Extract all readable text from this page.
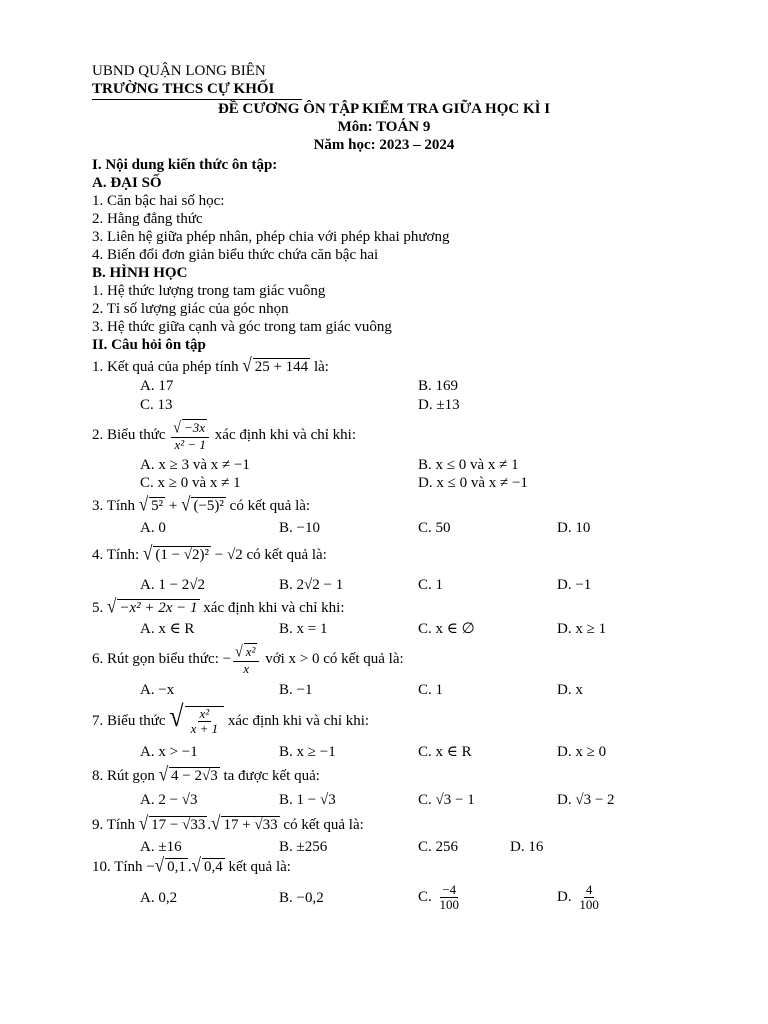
UBND QUẬN LONG BIÊN
TRƯỜNG THCS CỰ KHỐI
ĐỀ CƯƠNG ÔN TẬP KIỂM TRA GIỮA HỌC KÌ I
Môn: TOÁN 9
Năm học: 2023 – 2024
I. Nội dung kiến thức ôn tập:
A. ĐẠI SỐ
1. Căn bậc hai số học:
2. Hằng đẳng thức
3. Liên hệ giữa phép nhân, phép chia với phép khai phương
4. Biến đổi đơn giản biểu thức chứa căn bậc hai
B. HÌNH HỌC
1. Hệ thức lượng trong tam giác vuông
2. Tỉ số lượng giác của góc nhọn
3. Hệ thức giữa cạnh và góc trong tam giác vuông
II. Câu hỏi ôn tập
1. Kết quả của phép tính √ 25 + 144 là:
A. 17	B. 169
C. 13	D. ±13
2. Biểu thức $\frac{√ -3x}{\text{x² − 1}}$ xác định khi và chỉ khi:
A. x ≥ 3 và x ≠ −1	B. x ≤ 0 và x ≠ 1
C. x ≥ 0 và x ≠ 1	D. x ≤ 0 và x ≠ −1
3. Tính √ 5² + √ (−5)² có kết quả là:
A. 0	B. −10	C. 50	D. 10
4. Tính: √ (1 − √2)² − √2 có kết quả là:
A. 1 − 2√2	B. 2√2 − 1	C. 1	D. −1
5. √ −x² + 2x − 1 xác định khi và chỉ khi:
A. x ∈ R	B. x = 1	C. x ∈ ∅	D. x ≥ 1
6. Rút gọn biểu thức: − $\frac{\text{√ x²}}{x}$ với x > 0 có kết quả là:
A. −x	B. −1	C. 1	D. x
7. Biểu thức √ $\frac{\text{x²}}{x + 1}$ xác định khi và chỉ khi:
A. x > −1	B. x ≥ −1	C. x ∈ R	D. x ≥ 0
8. Rút gọn √ 4 − 2√3 ta được kết quả:
A. 2 − √3	B. 1 − √3	C. √3 − 1	D. √3 − 2
9. Tính √ 17 − √33 .√ 17 + √33 có kết quả là:
A. ±16	B. ±256	C. 256	D. 16
10. Tính −√ 0,1 .√ 0,4 kết quả là:
A. 0,2	B. −0,2	C. $\frac{-4}{100}$	D. $\frac{4}{100}$
